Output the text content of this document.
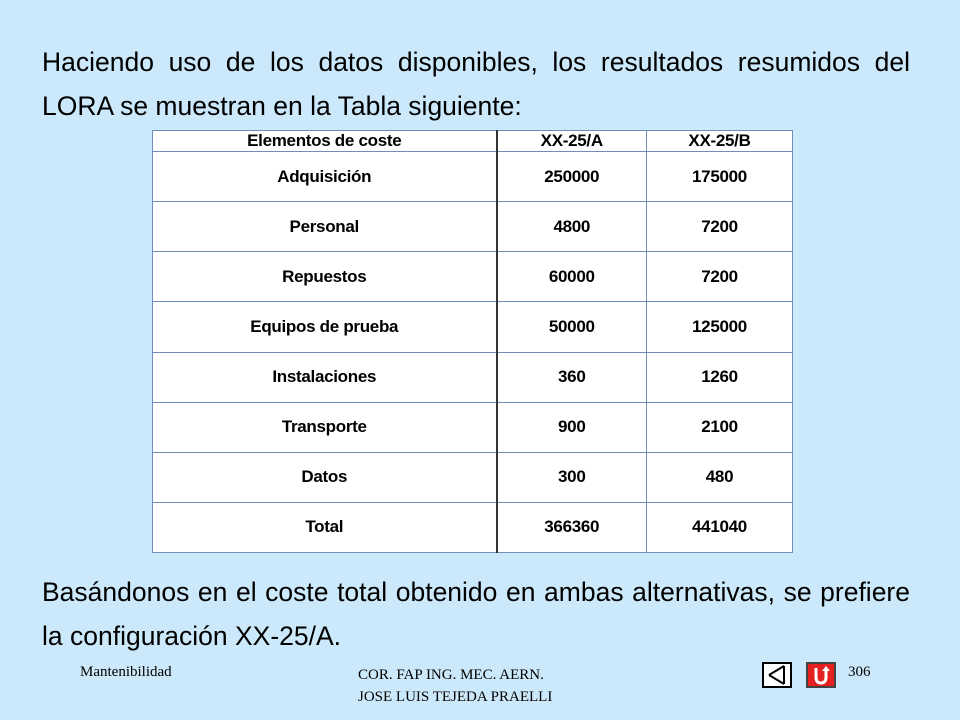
Haciendo uso de los datos disponibles, los resultados resumidos del LORA se muestran en la Tabla siguiente:
Elementos de coste	XX-25/A	XX-25/B
Adquisición	250000	175000
Personal	4800	7200
Repuestos	60000	7200
Equipos de prueba	50000	125000
Instalaciones	360	1260
Transporte	900	2100
Datos	300	480
Total	366360	441040
Basándonos en el coste total obtenido en ambas alternativas, se prefiere la configuración XX-25/A.
Mantenibilidad	COR. FAP ING. MEC. AERN.
JOSE LUIS TEJEDA PRAELLI
306
